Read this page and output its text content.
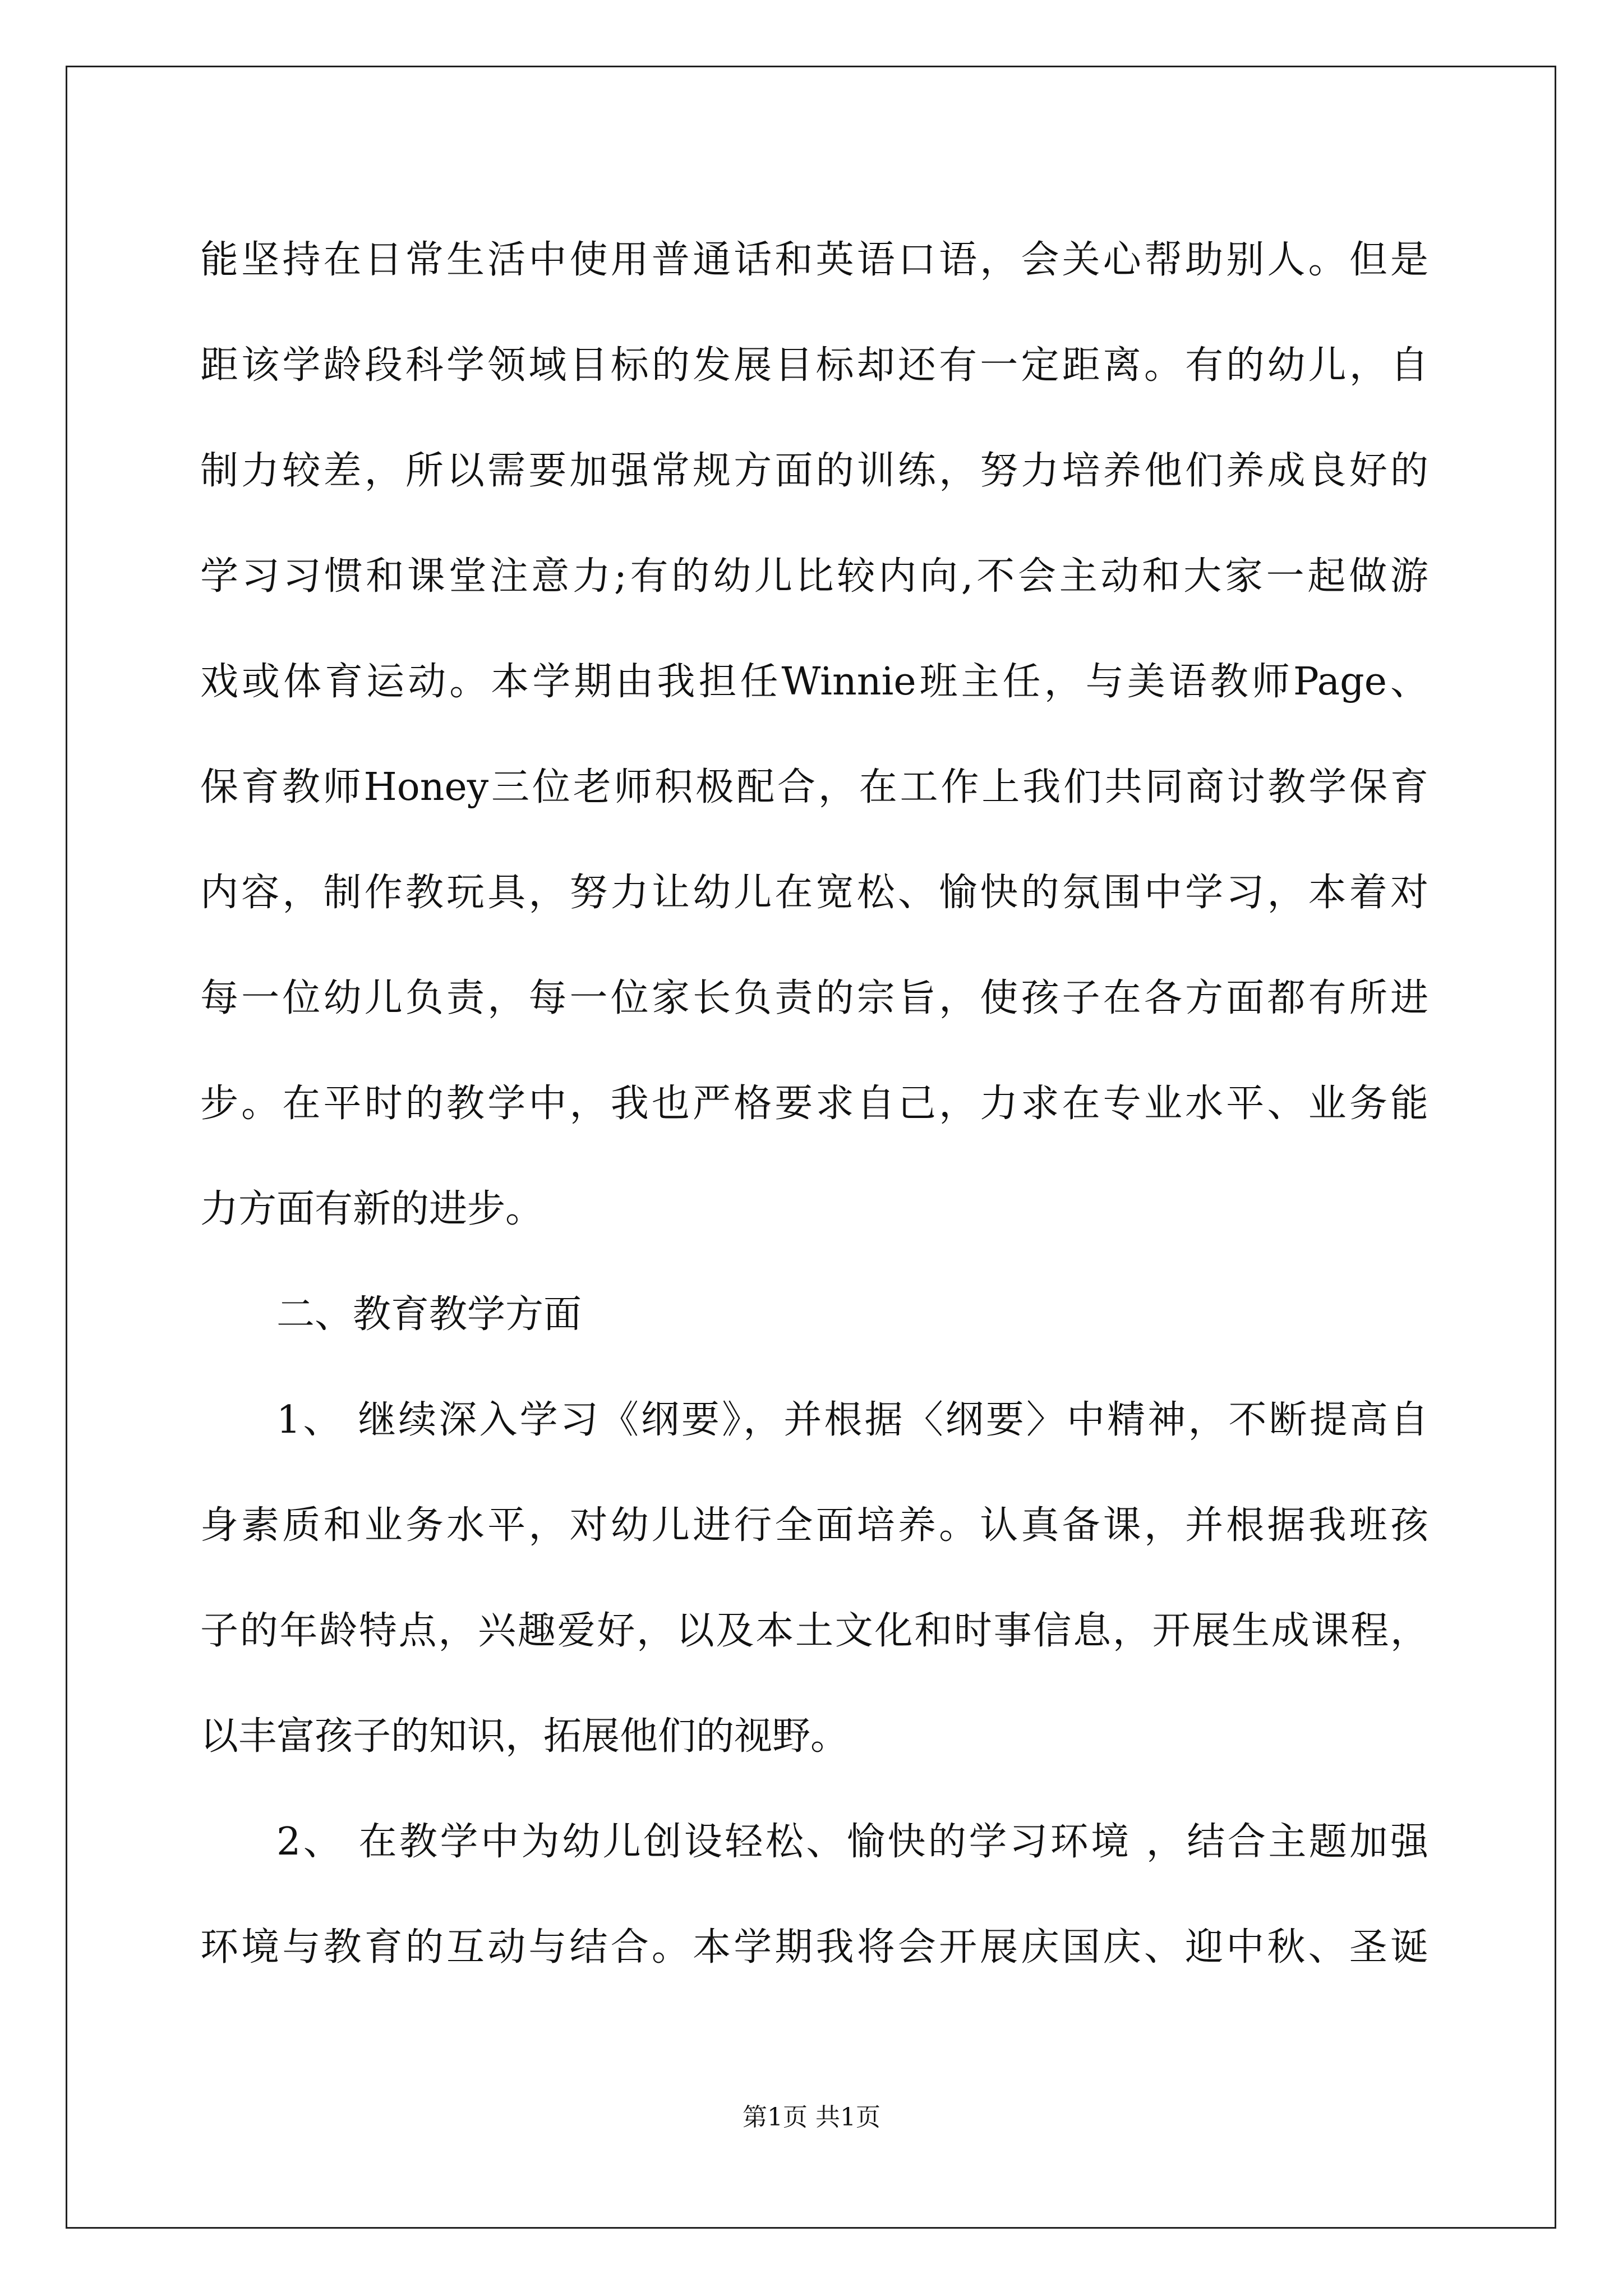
能坚持在日常生活中使用普通话和英语口语，会关心帮助别人。但是
距该学龄段科学领域目标的发展目标却还有一定距离。有的幼儿，自
制力较差，所以需要加强常规方面的训练，努力培养他们养成良好的
学习习惯和课堂注意力;有的幼儿比较内向,不会主动和大家一起做游
戏或体育运动。本学期由我担任Winnie班主任，与美语教师Page、
保育教师Honey三位老师积极配合，在工作上我们共同商讨教学保育
内容，制作教玩具，努力让幼儿在宽松、愉快的氛围中学习，本着对
每一位幼儿负责，每一位家长负责的宗旨，使孩子在各方面都有所进
步。在平时的教学中，我也严格要求自己，力求在专业水平、业务能
力方面有新的进步。
二、教育教学方面
1、 继续深入学习《纲要》，并根据〈纲要〉中精神，不断提高自
身素质和业务水平，对幼儿进行全面培养。认真备课，并根据我班孩
子的年龄特点，兴趣爱好，以及本土文化和时事信息，开展生成课程，
以丰富孩子的知识，拓展他们的视野。
2、 在教学中为幼儿创设轻松、愉快的学习环境 ，结合主题加强
环境与教育的互动与结合。本学期我将会开展庆国庆、迎中秋、圣诞
第1页 共1页
